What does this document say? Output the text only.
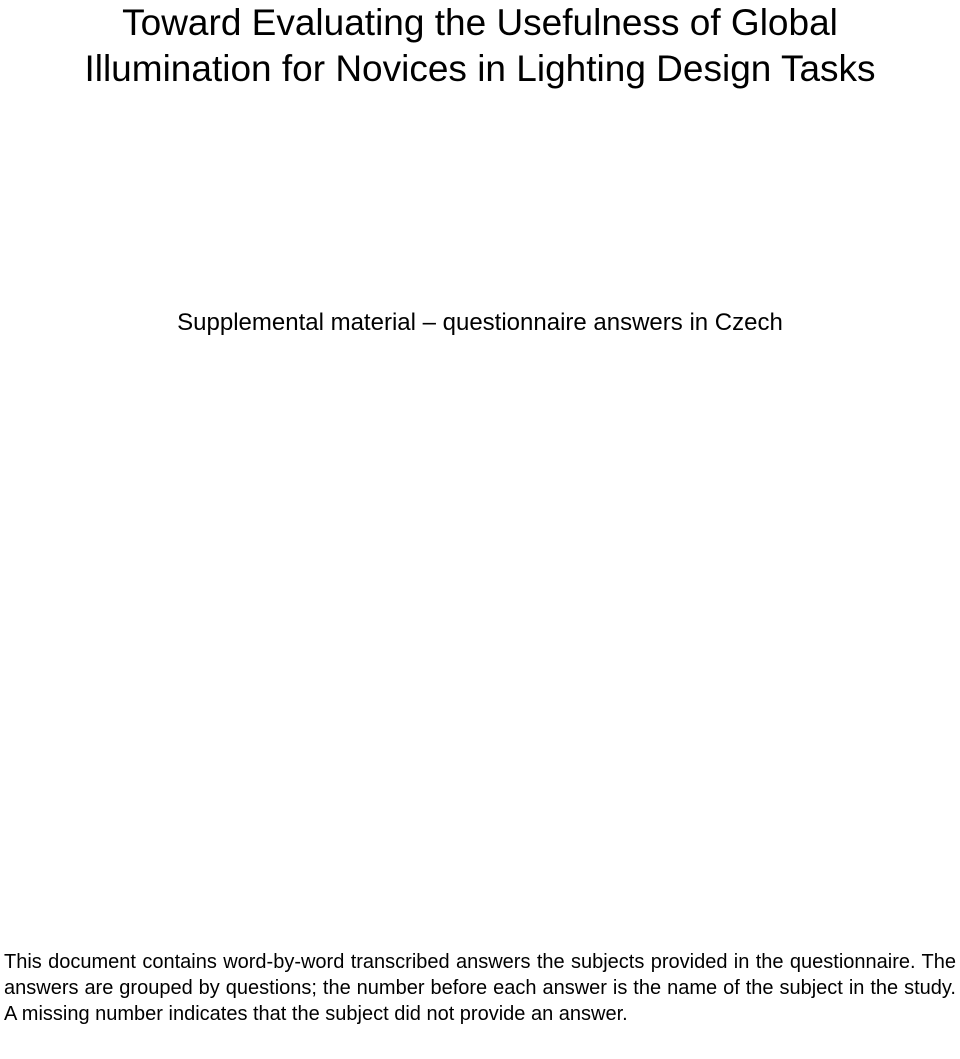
Toward Evaluating the Usefulness of Global
Illumination for Novices in Lighting Design Tasks

Supplemental material – questionnaire answers in Czech

This document contains word-by-word transcribed answers the subjects provided in the questionnaire. The answers are grouped by questions; the number before each answer is the name of the subject in the study. A missing number indicates that the subject did not provide an answer.
